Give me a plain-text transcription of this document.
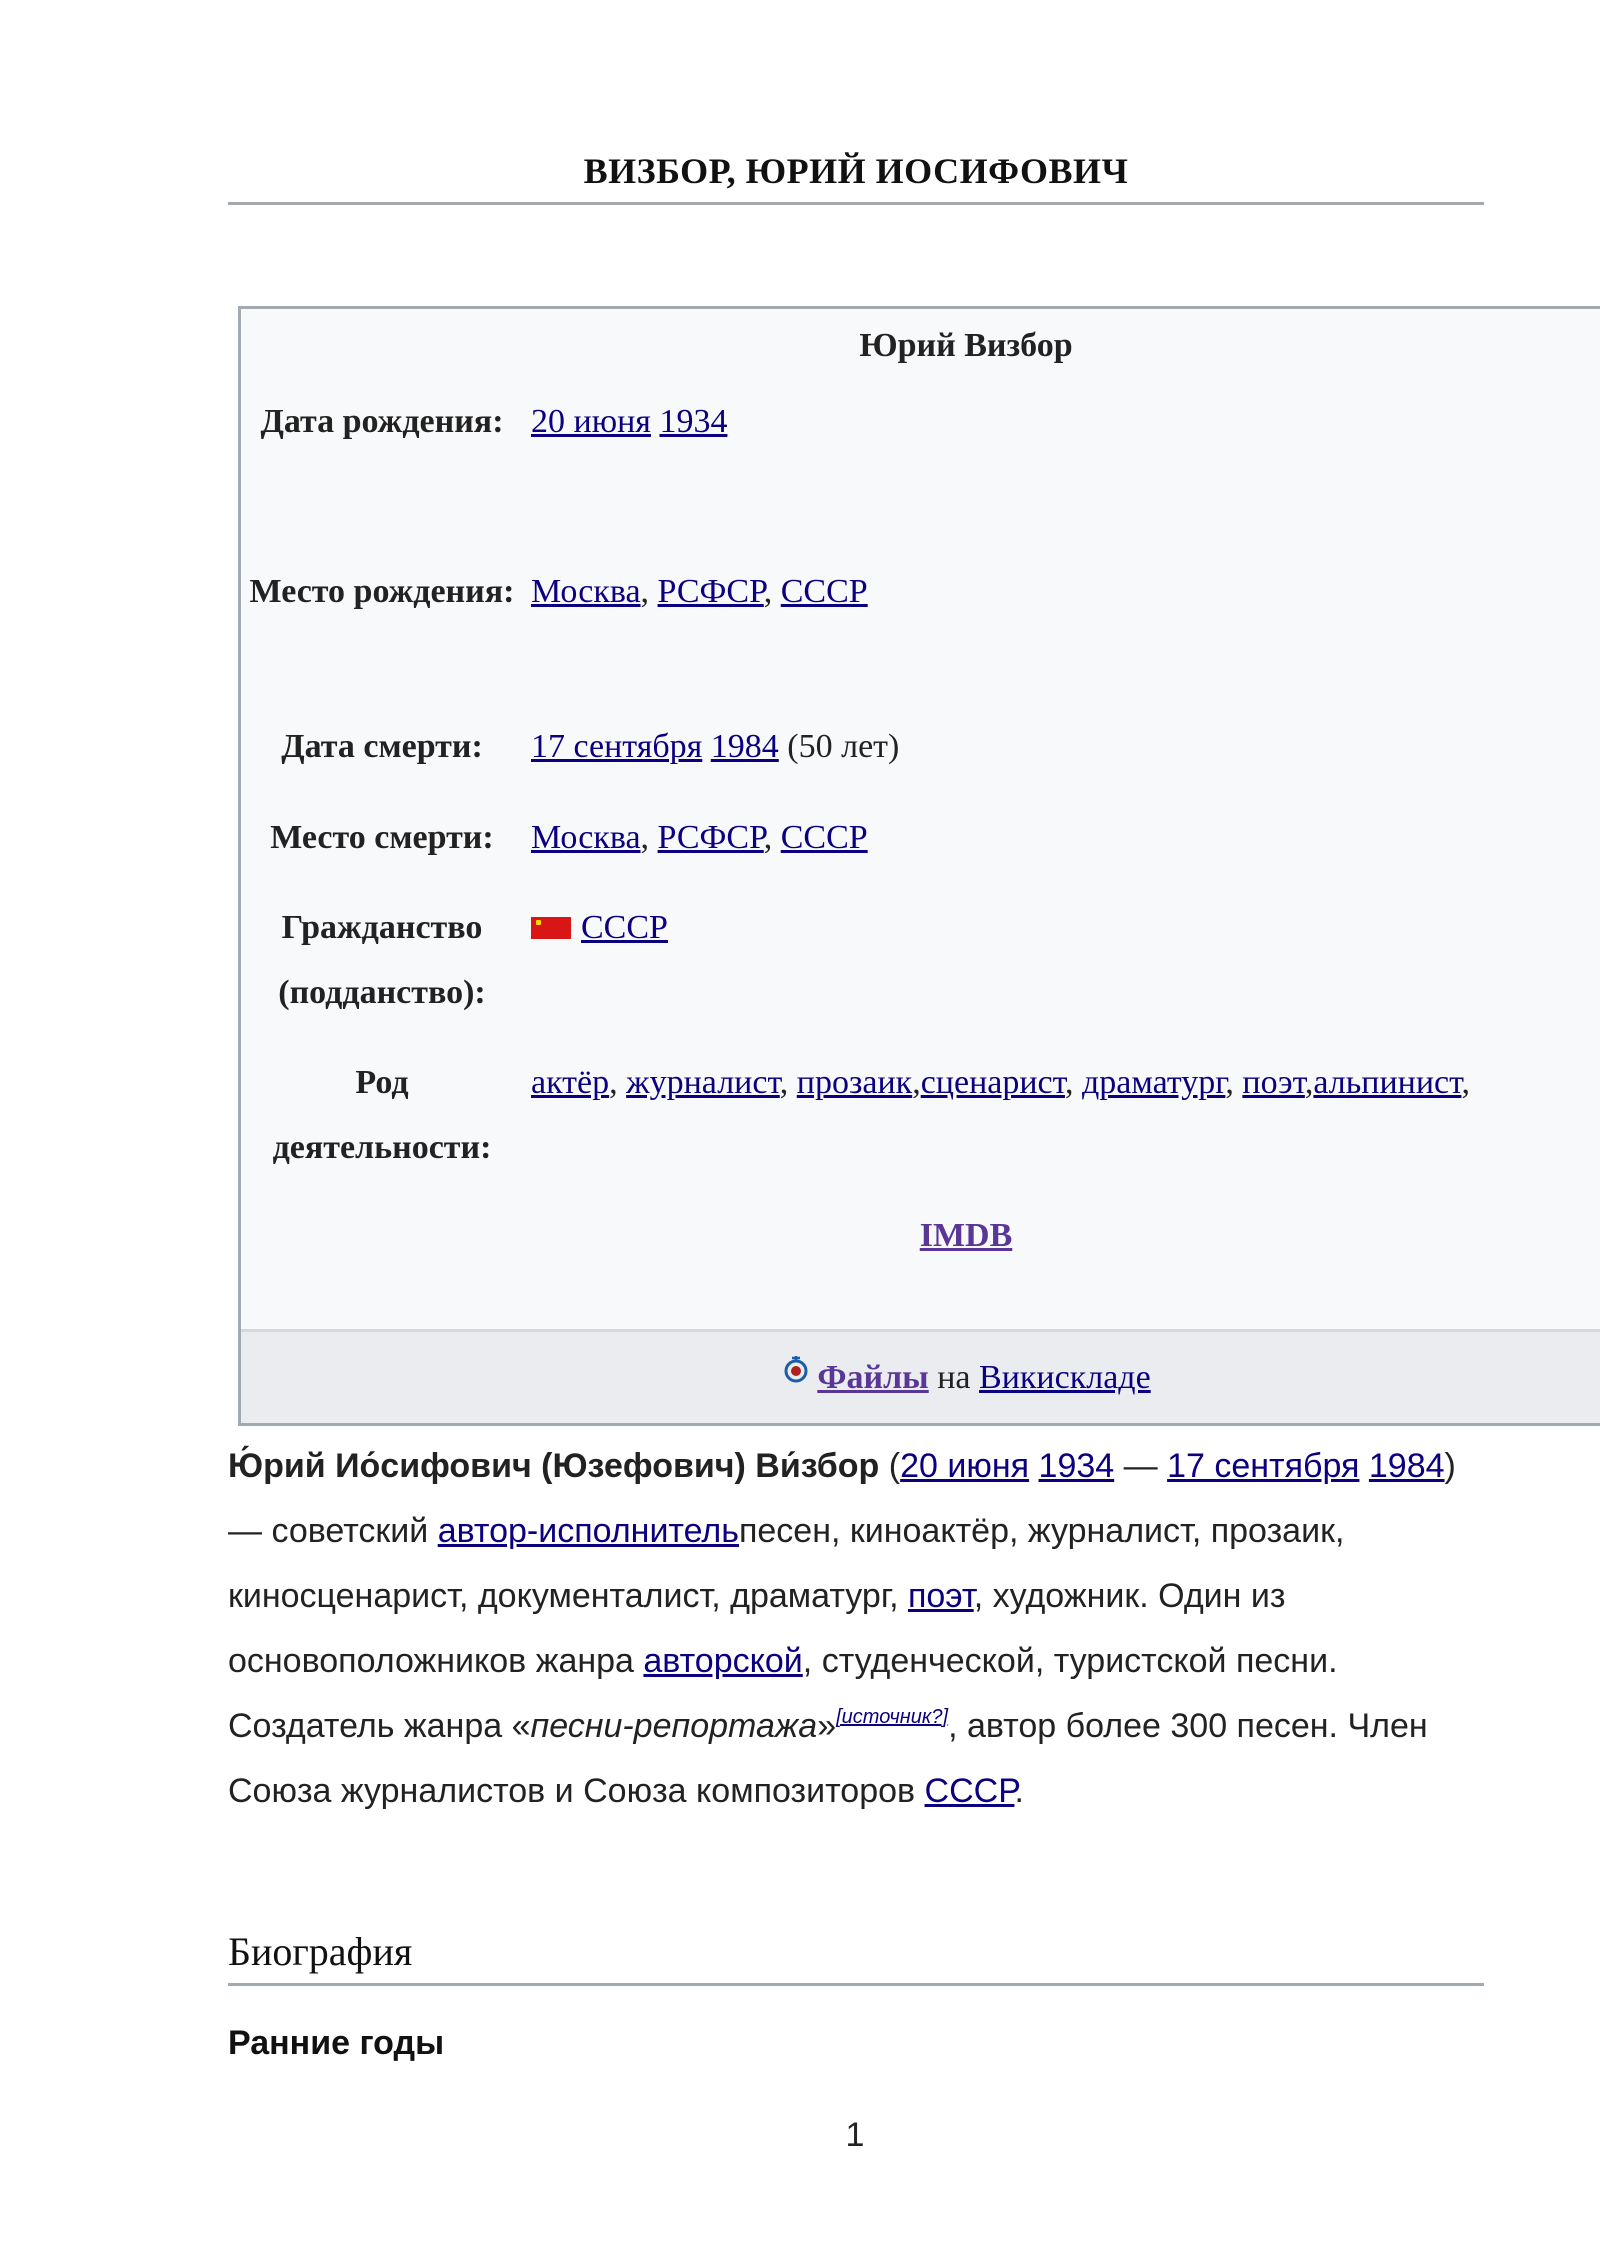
ВИЗБОР, ЮРИЙ ИОСИФОВИЧ
Юрий Визбор
Дата рождения: 20 июня 1934
Место рождения: Москва, РСФСР, СССР
Дата смерти:	17 сентября 1984 (50 лет)
Место смерти:	Москва, РСФСР, СССР
Гражданство (подданство):
СССР
Род деятельности:
актёр, журналист, прозаик,сценарист, драматург, поэт,альпинист,
IMDB
Файлы на Викискладе
Ю́рий Ио́сифович (Юзефович) Ви́збор (20 июня 1934 — 17 сентября 1984) — советский автор-исполнительпесен, киноактёр, журналист, прозаик, киносценарист, документалист, драматург, поэт, художник. Один из основоположников жанра авторской, студенческой, туристской песни. Создатель жанра «песни-репортажа»[источник?], автор более 300 песен. Член Союза журналистов и Союза композиторов СССР.
Биография
Ранние годы
1
